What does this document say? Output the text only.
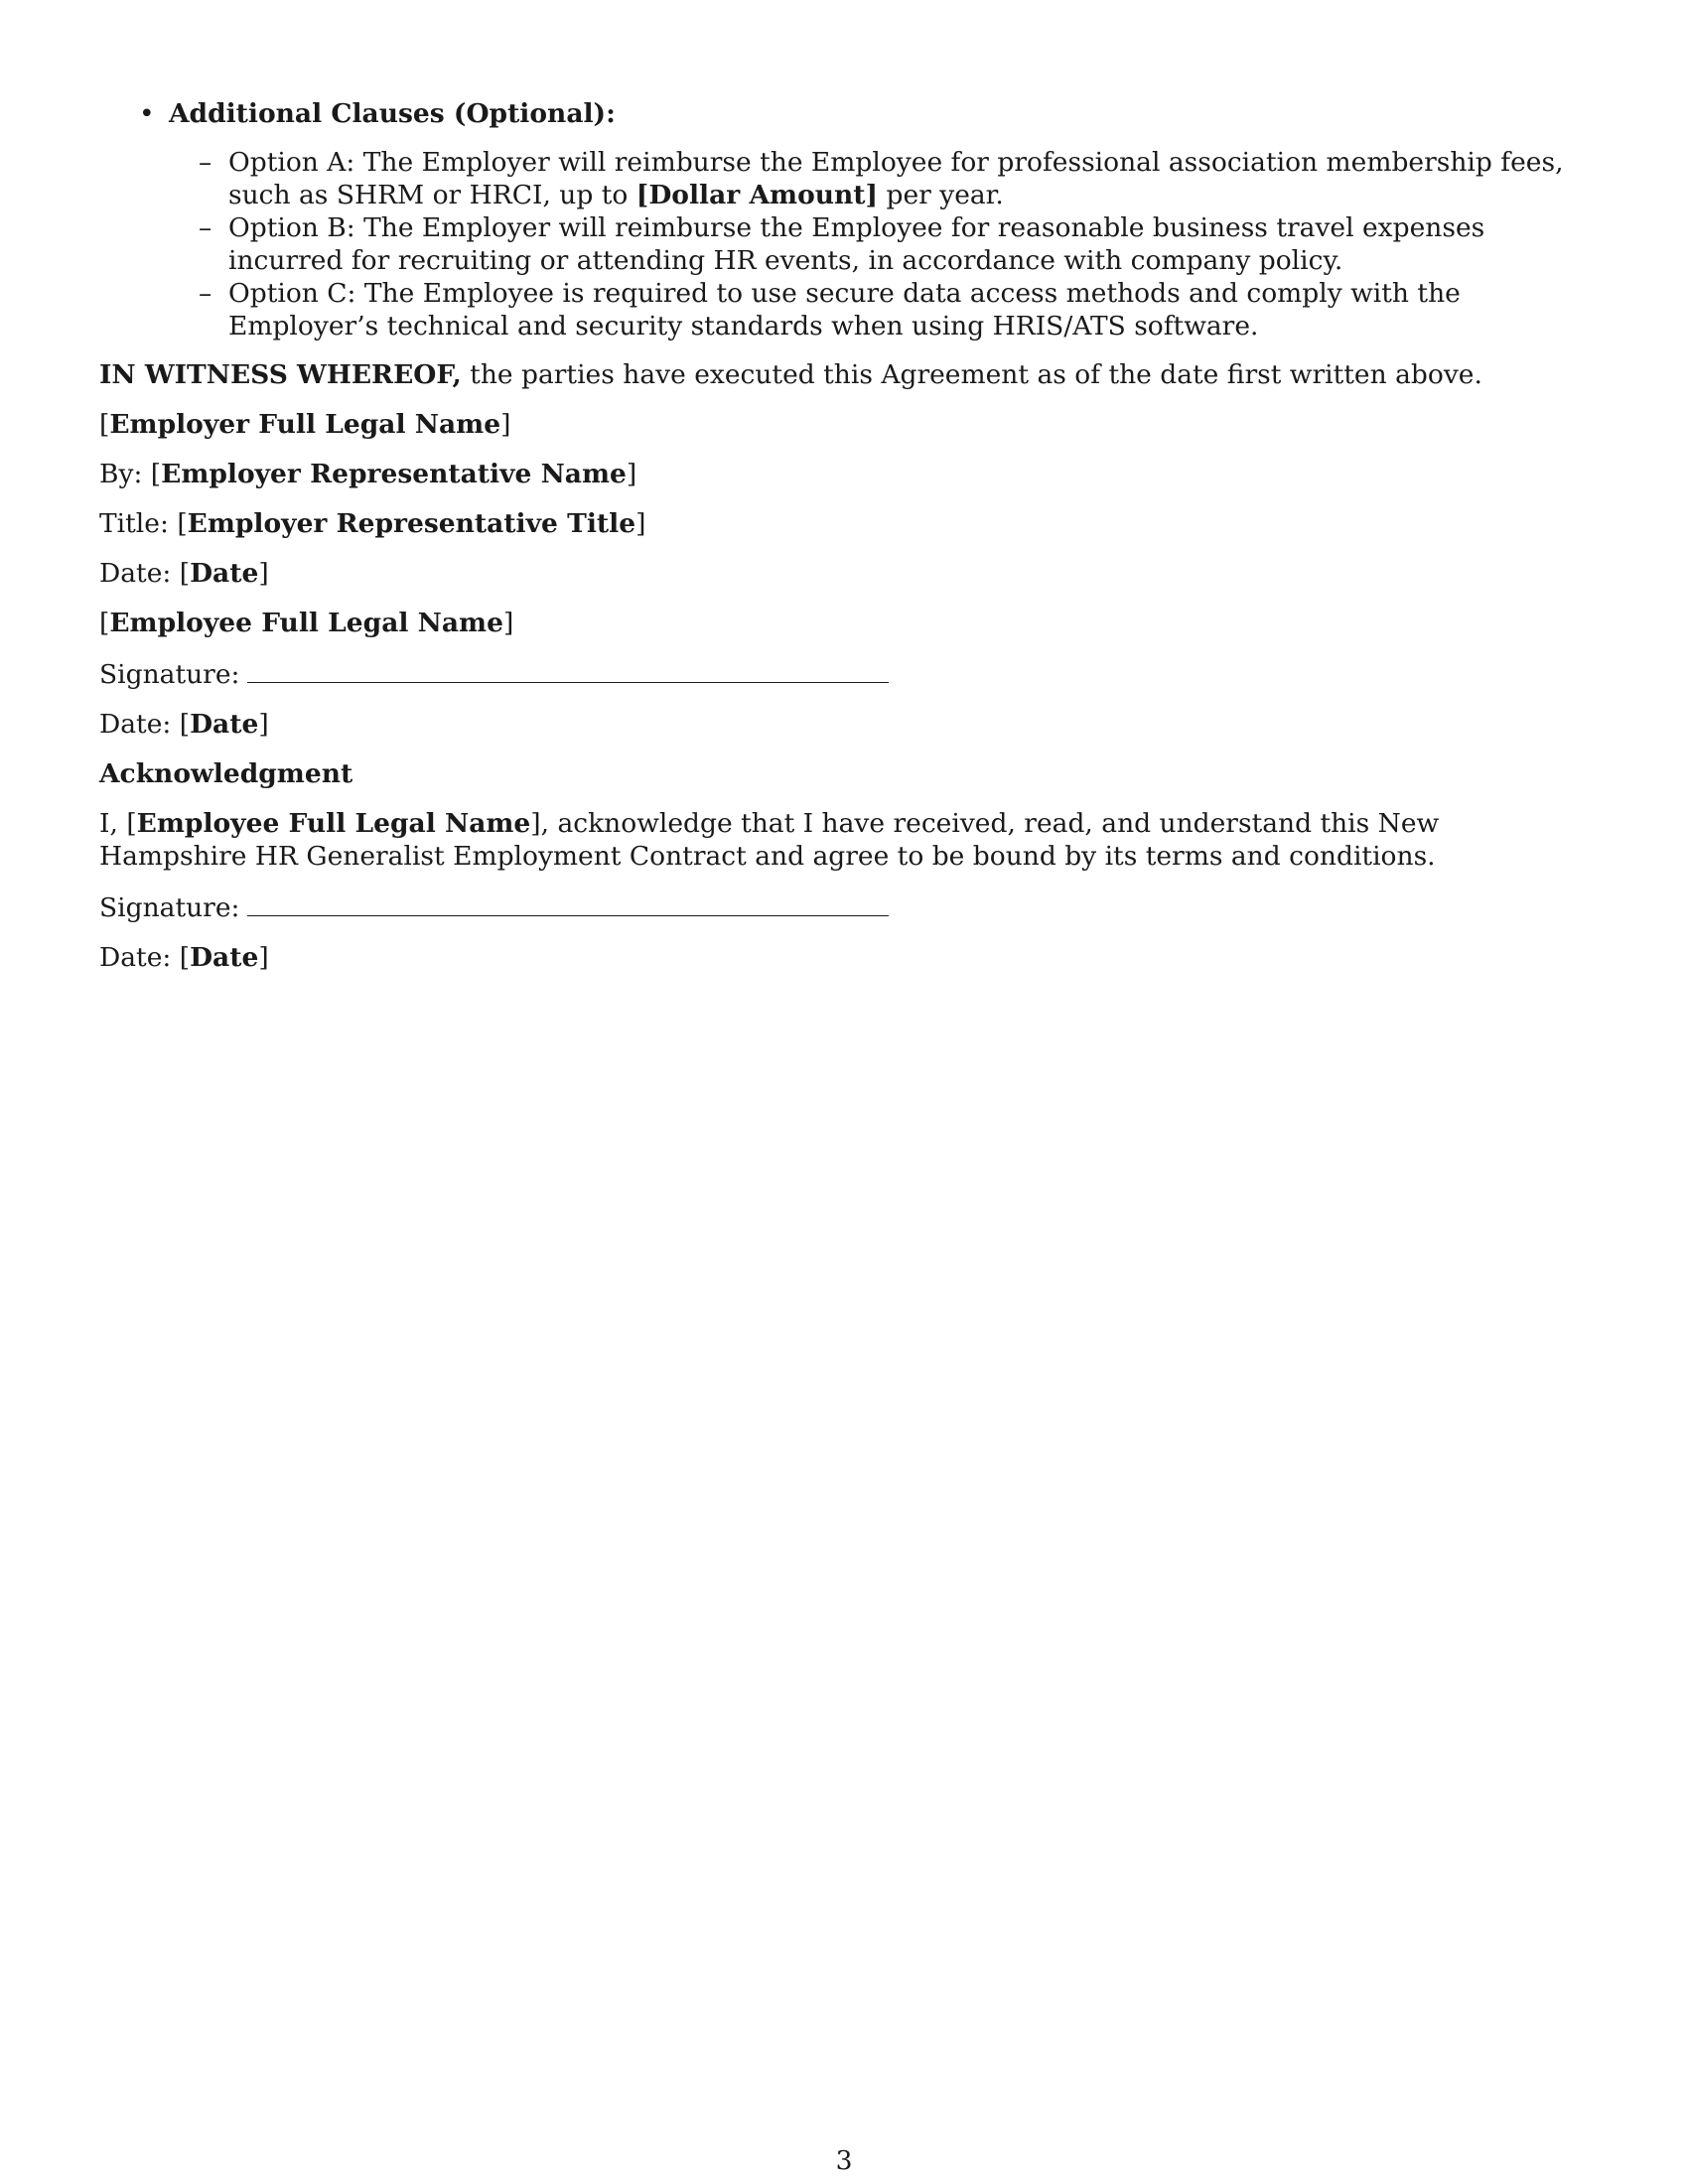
• Additional Clauses (Optional):
– Option A: The Employer will reimburse the Employee for professional association membership fees, such as SHRM or HRCI, up to [Dollar Amount] per year.
– Option B: The Employer will reimburse the Employee for reasonable business travel expenses incurred for recruiting or attending HR events, in accordance with company policy.
– Option C: The Employee is required to use secure data access methods and comply with the Employer’s technical and security standards when using HRIS/ATS software.

IN WITNESS WHEREOF, the parties have executed this Agreement as of the date first written above.

[Employer Full Legal Name]

By: [Employer Representative Name]

Title: [Employer Representative Title]

Date: [Date]

[Employee Full Legal Name]

Signature:

Date: [Date]

Acknowledgment

I, [Employee Full Legal Name], acknowledge that I have received, read, and understand this New Hampshire HR Generalist Employment Contract and agree to be bound by its terms and conditions.

Signature:

Date: [Date]

3
